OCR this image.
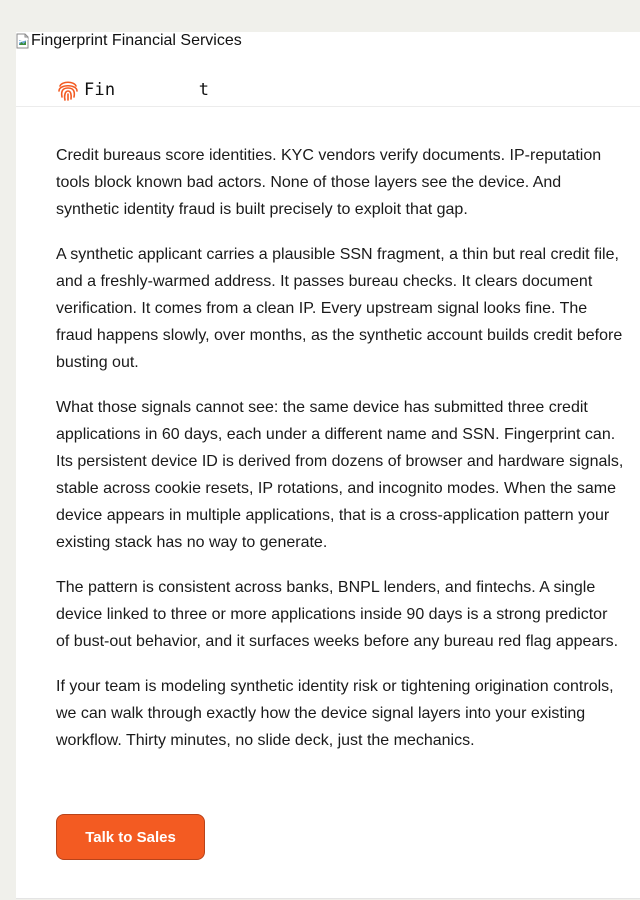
Fingerprint Financial Services
Fin        t

Credit bureaus score identities. KYC vendors verify documents. IP-reputation tools block known bad actors. None of those layers see the device. And synthetic identity fraud is built precisely to exploit that gap.

A synthetic applicant carries a plausible SSN fragment, a thin but real credit file, and a freshly-warmed address. It passes bureau checks. It clears document verification. It comes from a clean IP. Every upstream signal looks fine. The fraud happens slowly, over months, as the synthetic account builds credit before busting out.

What those signals cannot see: the same device has submitted three credit applications in 60 days, each under a different name and SSN. Fingerprint can. Its persistent device ID is derived from dozens of browser and hardware signals, stable across cookie resets, IP rotations, and incognito modes. When the same device appears in multiple applications, that is a cross-application pattern your existing stack has no way to generate.

The pattern is consistent across banks, BNPL lenders, and fintechs. A single device linked to three or more applications inside 90 days is a strong predictor of bust-out behavior, and it surfaces weeks before any bureau red flag appears.

If your team is modeling synthetic identity risk or tightening origination controls, we can walk through exactly how the device signal layers into your existing workflow. Thirty minutes, no slide deck, just the mechanics.

Talk to Sales
